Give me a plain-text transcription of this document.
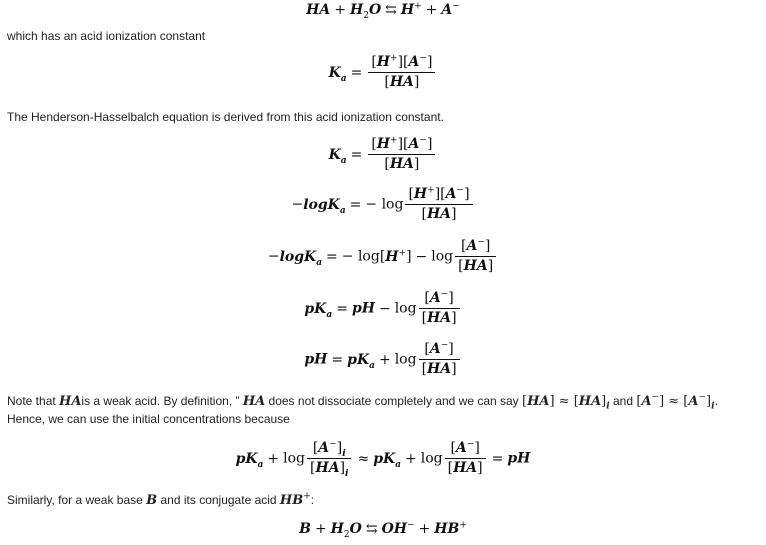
HA + $H_2O$ ⇆ H+ + A−
which has an acid ionization constant
$K_a = \frac{[H^+][A^-]}{[HA]}$
The Henderson-Hasselbalch equation is derived from this acid ionization constant.
$K_a = \frac{[H^+][A^-]}{[HA]}$
−logK$_a$ = − $\log \frac{[H^+][A^-]}{[HA]}$
−logK$_a$ = − $\log[H^+] - \log \frac{[A^-]}{[HA]}$
$pK_a$ = pH − $\log \frac{[A^-]}{[HA]}$
pH = $pK_a + \log \frac{[A^-]}{[HA]}$
Note that HAis a weak acid. By definition, ” HA does not dissociate completely and we can say $[HA] \approx [HA]_i$ and $[A^-] \approx [A^-]_i$.
Hence, we can use the initial concentrations because
$pK_a + \log \frac{[A^-]_i}{[HA]_i} \approx pK_a + \log \frac{[A^-]}{[HA]}$ = pH
Similarly, for a weak base B and its conjugate acid HB+:
$B + H_2O$ ⇆ OH− + HB+
